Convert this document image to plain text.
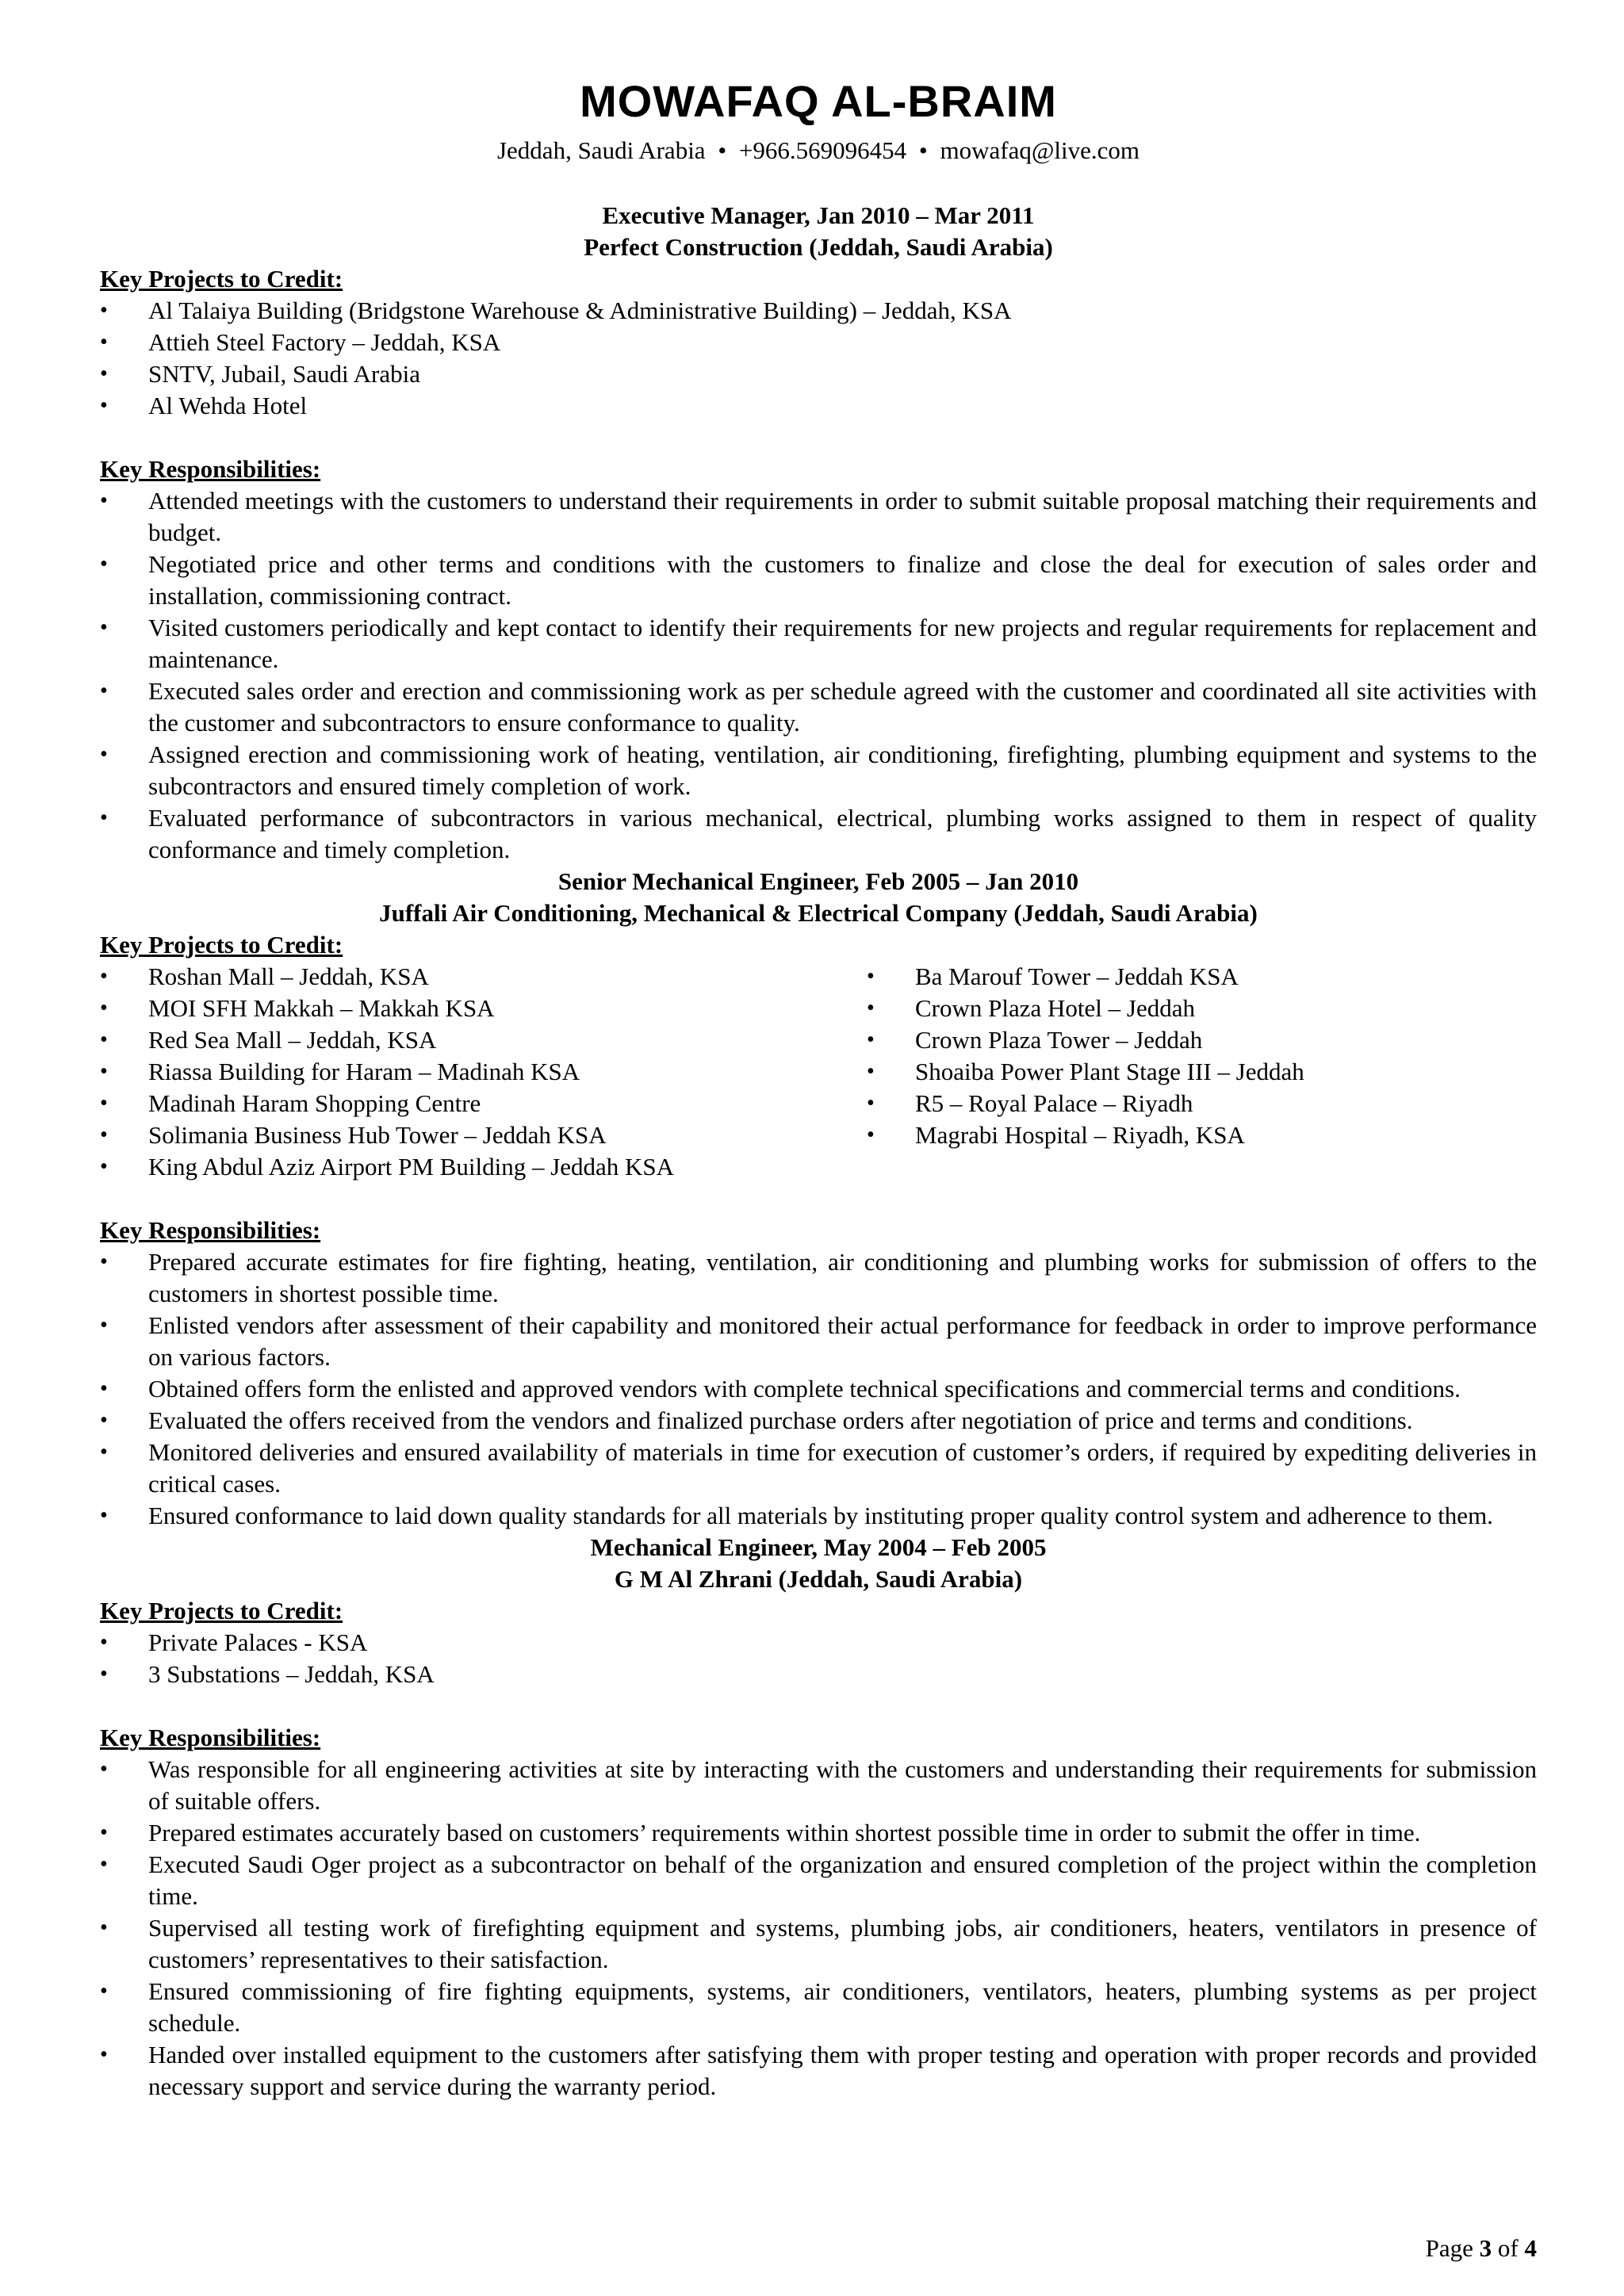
MOWAFAQ AL-BRAIM
Jeddah, Saudi Arabia • +966.569096454 • mowafaq@live.com
Executive Manager, Jan 2010 – Mar 2011
Perfect Construction (Jeddah, Saudi Arabia)
Key Projects to Credit:
• Al Talaiya Building (Bridgstone Warehouse & Administrative Building) – Jeddah, KSA
• Attieh Steel Factory – Jeddah, KSA
• SNTV, Jubail, Saudi Arabia
• Al Wehda Hotel
Key Responsibilities:
• Attended meetings with the customers to understand their requirements in order to submit suitable proposal matching their requirements and budget.
• Negotiated price and other terms and conditions with the customers to finalize and close the deal for execution of sales order and installation, commissioning contract.
• Visited customers periodically and kept contact to identify their requirements for new projects and regular requirements for replacement and maintenance.
• Executed sales order and erection and commissioning work as per schedule agreed with the customer and coordinated all site activities with the customer and subcontractors to ensure conformance to quality.
• Assigned erection and commissioning work of heating, ventilation, air conditioning, firefighting, plumbing equipment and systems to the subcontractors and ensured timely completion of work.
• Evaluated performance of subcontractors in various mechanical, electrical, plumbing works assigned to them in respect of quality conformance and timely completion.
Senior Mechanical Engineer, Feb 2005 – Jan 2010
Juffali Air Conditioning, Mechanical & Electrical Company (Jeddah, Saudi Arabia)
Key Projects to Credit:
• Roshan Mall – Jeddah, KSA
• MOI SFH Makkah – Makkah KSA
• Red Sea Mall – Jeddah, KSA
• Riassa Building for Haram – Madinah KSA
• Madinah Haram Shopping Centre
• Solimania Business Hub Tower – Jeddah KSA
• King Abdul Aziz Airport PM Building – Jeddah KSA
• Ba Marouf Tower – Jeddah KSA
• Crown Plaza Hotel – Jeddah
• Crown Plaza Tower – Jeddah
• Shoaiba Power Plant Stage III – Jeddah
• R5 – Royal Palace – Riyadh
• Magrabi Hospital – Riyadh, KSA
Key Responsibilities:
• Prepared accurate estimates for fire fighting, heating, ventilation, air conditioning and plumbing works for submission of offers to the customers in shortest possible time.
• Enlisted vendors after assessment of their capability and monitored their actual performance for feedback in order to improve performance on various factors.
• Obtained offers form the enlisted and approved vendors with complete technical specifications and commercial terms and conditions.
• Evaluated the offers received from the vendors and finalized purchase orders after negotiation of price and terms and conditions.
• Monitored deliveries and ensured availability of materials in time for execution of customer’s orders, if required by expediting deliveries in critical cases.
• Ensured conformance to laid down quality standards for all materials by instituting proper quality control system and adherence to them.
Mechanical Engineer, May 2004 – Feb 2005
G M Al Zhrani (Jeddah, Saudi Arabia)
Key Projects to Credit:
• Private Palaces - KSA
• 3 Substations – Jeddah, KSA
Key Responsibilities:
• Was responsible for all engineering activities at site by interacting with the customers and understanding their requirements for submission of suitable offers.
• Prepared estimates accurately based on customers’ requirements within shortest possible time in order to submit the offer in time.
• Executed Saudi Oger project as a subcontractor on behalf of the organization and ensured completion of the project within the completion time.
• Supervised all testing work of firefighting equipment and systems, plumbing jobs, air conditioners, heaters, ventilators in presence of customers’ representatives to their satisfaction.
• Ensured commissioning of fire fighting equipments, systems, air conditioners, ventilators, heaters, plumbing systems as per project schedule.
• Handed over installed equipment to the customers after satisfying them with proper testing and operation with proper records and provided necessary support and service during the warranty period.
Page 3 of 4
